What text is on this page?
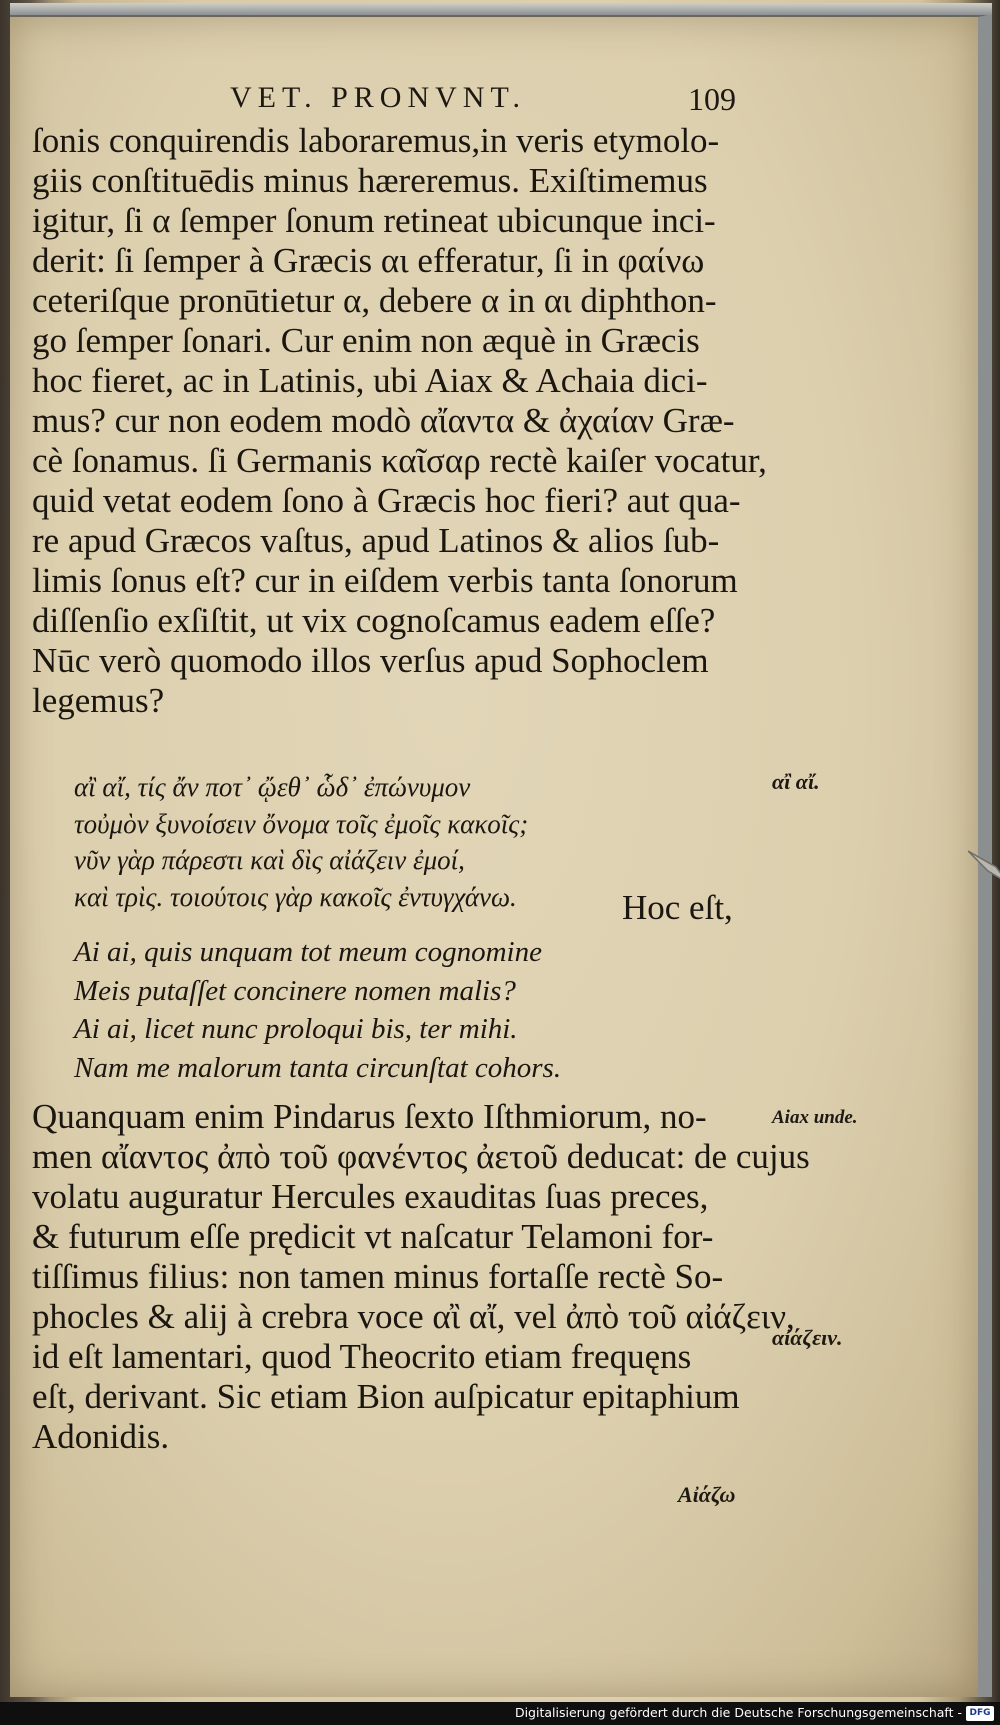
VET. PRONVNT.	109
ſonis conquirendis laboraremus,in veris etymolo-
giis conſtituēdis minus hæreremus. Exiſtimemus
igitur, ſi α ſemper ſonum retineat ubicunque inci-
derit: ſi ſemper à Græcis αι efferatur, ſi in φαίνω
ceteriſque pronūtietur α, debere α in αι diphthon-
go ſemper ſonari. Cur enim non æquè in Græcis
hoc fieret, ac in Latinis, ubi Aiax & Achaia dici-
mus? cur non eodem modò αἴαντα & ἀχαίαν Græ-
cè ſonamus. ſi Germanis καῖσαρ rectè kaiſer vocatur,
quid vetat eodem ſono à Græcis hoc fieri? aut qua-
re apud Græcos vaſtus, apud Latinos & alios ſub-
limis ſonus eſt? cur in eiſdem verbis tanta ſonorum
diſſenſio exſiſtit, ut vix cognoſcamus eadem eſſe?
Nūc verò quomodo illos verſus apud Sophoclem
legemus?
αἲ αἴ, τίς ἄν ποτ᾽ ᾤεθ᾽ ὧδ᾽ ἐπώνυμον
τοὐμὸν ξυνοίσειν ὄνομα τοῖς ἐμοῖς κακοῖς;
νῦν γὰρ πάρεστι καὶ δὶς αἰάζειν ἐμοί,
καὶ τρὶς. τοιούτοις γὰρ κακοῖς ἐντυγχάνω.	Hoc eſt,
Ai ai, quis unquam tot meum cognomine
Meis putaſſet concinere nomen malis?
Ai ai, licet nunc proloqui bis, ter mihi.
Nam me malorum tanta circunſtat cohors.
Quanquam enim Pindarus ſexto Iſthmiorum, no-
men αἴαντος ἀπὸ τοῦ φανέντος ἀετοῦ deducat: de cujus
volatu auguratur Hercules exauditas ſuas preces,
& futurum eſſe prędicit vt naſcatur Telamoni for-
tiſſimus filius: non tamen minus fortaſſe rectè So-
phocles & alij à crebra voce αἲ αἴ, vel ἀπὸ τοῦ αἰάζειν,
id eſt lamentari, quod Theocrito etiam frequęns
eſt, derivant. Sic etiam Bion auſpicatur epitaphium
Adonidis.
αἲ αἴ.
Aiax unde.
αἰάζειν.
Αἰάζω
Digitalisierung gefördert durch die Deutsche Forschungsgemeinschaft - DFG
